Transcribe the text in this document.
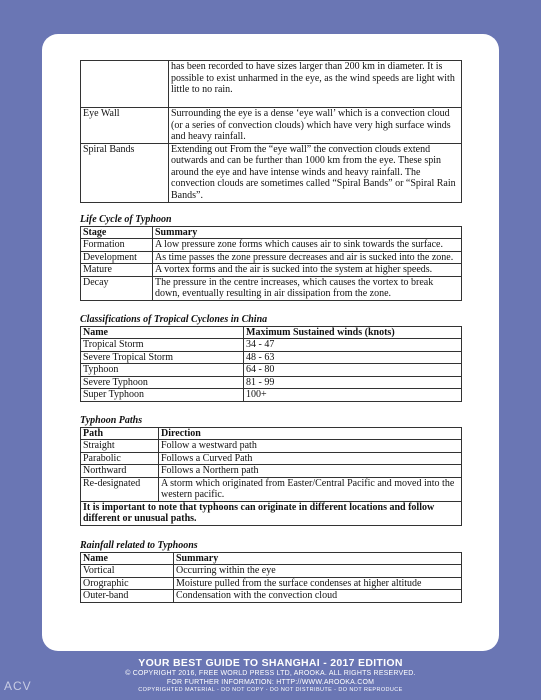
	has been recorded to have sizes larger than 200 km in diameter. It is possible to exist unharmed in the eye, as the wind speeds are light with little to no rain.
Eye Wall	Surrounding the eye is a dense ‘eye wall’ which is a convection cloud (or a series of convection clouds) which have very high surface winds and heavy rainfall.
Spiral Bands	Extending out From the “eye wall” the convection clouds extend outwards and can be further than 1000 km from the eye. These spin around the eye and have intense winds and heavy rainfall. The convection clouds are sometimes called “Spiral Bands” or “Spiral Rain Bands”.
Life Cycle of Typhoon
Stage	Summary
Formation	A low pressure zone forms which causes air to sink towards the surface.
Development	As time passes the zone pressure decreases and air is sucked into the zone.
Mature	A vortex forms and the air is sucked into the system at higher speeds.
Decay	The pressure in the centre increases, which causes the vortex to break down, eventually resulting in air dissipation from the zone.
Classifications of Tropical Cyclones in China
Name	Maximum Sustained winds (knots)
Tropical Storm	34 - 47
Severe Tropical Storm	48 - 63
Typhoon	64 - 80
Severe Typhoon	81 - 99
Super Typhoon	100+
Typhoon Paths
Path	Direction
Straight	Follow a westward path
Parabolic	Follows a Curved Path
Northward	Follows a Northern path
Re-designated	A storm which originated from Easter/Central Pacific and moved into the western pacific.
It is important to note that typhoons can originate in different locations and follow different or unusual paths.	
Rainfall related to Typhoons
Name	Summary
Vortical	Occurring within the eye
Orographic	Moisture pulled from the surface condenses at higher altitude
Outer-band	Condensation with the convection cloud
YOUR BEST GUIDE TO SHANGHAI - 2017 EDITION
© COPYRIGHT 2016, FREE WORLD PRESS LTD, AROOKA. ALL RIGHTS RESERVED.
FOR FURTHER INFORMATION: HTTP://WWW.AROOKA.COM
COPYRIGHTED MATERIAL - DO NOT COPY - DO NOT DISTRIBUTE - DO NOT REPRODUCE
ACV
